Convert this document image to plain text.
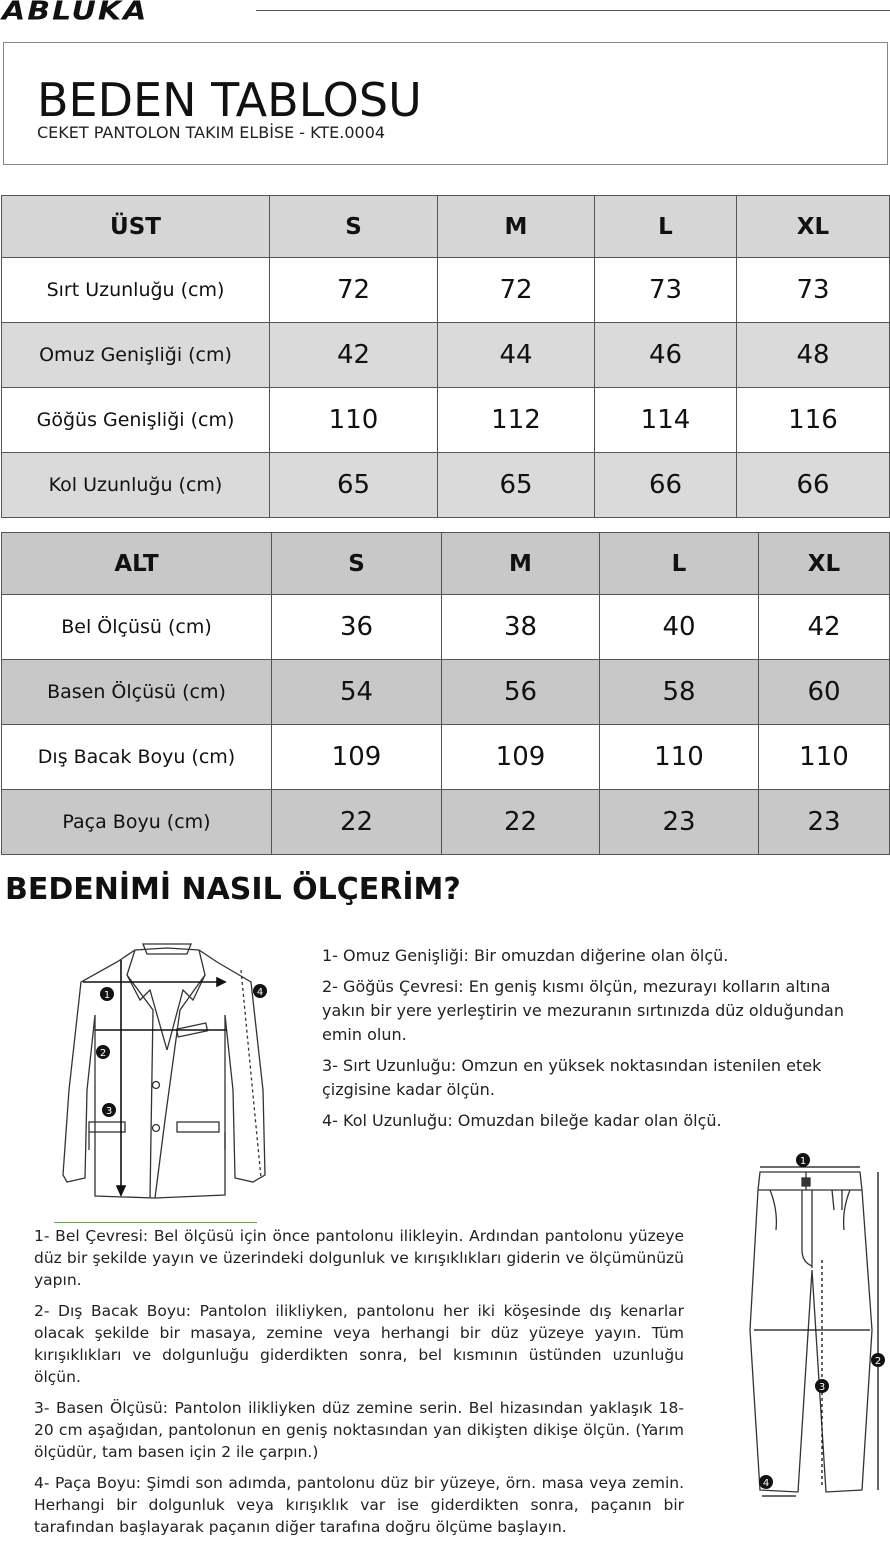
ABLUKA
BEDEN TABLOSU
CEKET PANTOLON TAKIM ELBİSE - KTE.0004
ÜST	S	M	L	XL
Sırt Uzunluğu (cm)	72	72	73	73
Omuz Genişliği (cm)	42	44	46	48
Göğüs Genişliği (cm)	110	112	114	116
Kol Uzunluğu (cm)	65	65	66	66
ALT	S	M	L	XL
Bel Ölçüsü (cm)	36	38	40	42
Basen Ölçüsü (cm)	54	56	58	60
Dış Bacak Boyu (cm)	109	109	110	110
Paça Boyu (cm)	22	22	23	23
BEDENİMİ NASIL ÖLÇERİM?
1
2
3
4

1- Omuz Genişliği: Bir omuzdan diğerine olan ölçü.

2- Göğüs Çevresi: En geniş kısmı ölçün, mezurayı kolların altına yakın bir yere yerleştirin ve mezuranın sırtınızda düz olduğundan emin olun.

3- Sırt Uzunluğu: Omzun en yüksek noktasından istenilen etek çizgisine kadar ölçün.

4- Kol Uzunluğu: Omuzdan bileğe kadar olan ölçü.

1- Bel Çevresi: Bel ölçüsü için önce pantolonu ilikleyin. Ardından pantolonu yüzeye düz bir şekilde yayın ve üzerindeki dolgunluk ve kırışıklıkları giderin ve ölçümünüzü yapın.

2- Dış Bacak Boyu: Pantolon ilikliyken, pantolonu her iki köşesinde dış kenarlar olacak şekilde bir masaya, zemine veya herhangi bir düz yüzeye yayın. Tüm kırışıklıkları ve dolgunluğu giderdikten sonra, bel kısmının üstünden uzunluğu ölçün.

3- Basen Ölçüsü: Pantolon ilikliyken düz zemine serin. Bel hizasından yaklaşık 18-20 cm aşağıdan, pantolonun en geniş noktasından yan dikişten dikişe ölçün. (Yarım ölçüdür, tam basen için 2 ile çarpın.)

4- Paça Boyu: Şimdi son adımda, pantolonu düz bir yüzeye, örn. masa veya zemin. Herhangi bir dolgunluk veya kırışıklık var ise giderdikten sonra, paçanın bir tarafından başlayarak paçanın diğer tarafına doğru ölçüme başlayın.

1
2
3
4
